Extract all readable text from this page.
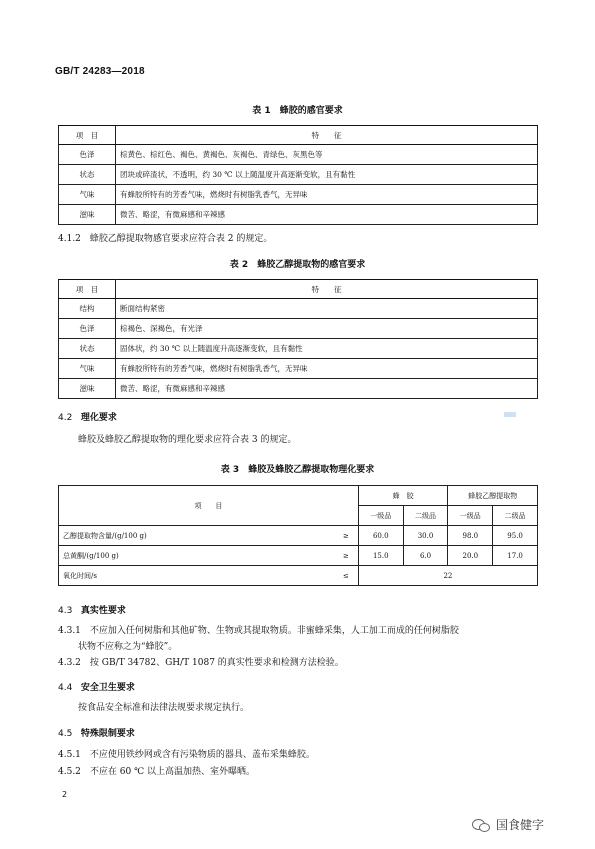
GB/T 24283—2018
表 1　蜂胶的感官要求
项　目	特　　征
色泽	棕黄色、棕红色、褐色、黄褐色、灰褐色、青绿色、灰黑色等
状态	团块或碎渣状，不透明，约 30 ℃ 以上随温度升高逐渐变软，且有黏性
气味	有蜂胶所特有的芳香气味，燃烧时有树脂乳香气，无异味
滋味	微苦、略涩，有微麻感和辛辣感
4.1.2　蜂胶乙醇提取物感官要求应符合表 2 的规定。
表 2　蜂胶乙醇提取物的感官要求
项　目	特　　征
结构	断面结构紧密
色泽	棕褐色、深褐色，有光泽
状态	固体状，约 30 ℃ 以上随温度升高逐渐变软，且有黏性
气味	有蜂胶所特有的芳香气味，燃烧时有树脂乳香气，无异味
滋味	微苦、略涩，有微麻感和辛辣感
4.2 理化要求
蜂胶及蜂胶乙醇提取物的理化要求应符合表 3 的规定。
表 3　蜂胶及蜂胶乙醇提取物理化要求
项　　目		蜂　胶		蜂胶乙醇提取物	
		一级品	二级品	一级品	二级品
乙醇提取物含量/(g/100 g)	≥	60.0	30.0	98.0	95.0
总黄酮/(g/100 g)	≥	15.0	6.0	20.0	17.0
氧化时间/s	≤	22			
4.3 真实性要求
4.3.1　不应加入任何树脂和其他矿物、生物或其提取物质。非蜜蜂采集，人工加工而成的任何树脂胶
状物不应称之为“蜂胶”。
4.3.2　按 GB/T 34782、GH/T 1087 的真实性要求和检测方法检验。
4.4 安全卫生要求
按食品安全标准和法律法规要求规定执行。
4.5 特殊限制要求
4.5.1　不应使用铁纱网或含有污染物质的器具、盖布采集蜂胶。
4.5.2　不应在 60 ℃ 以上高温加热、室外曝晒。
2
国食健字
